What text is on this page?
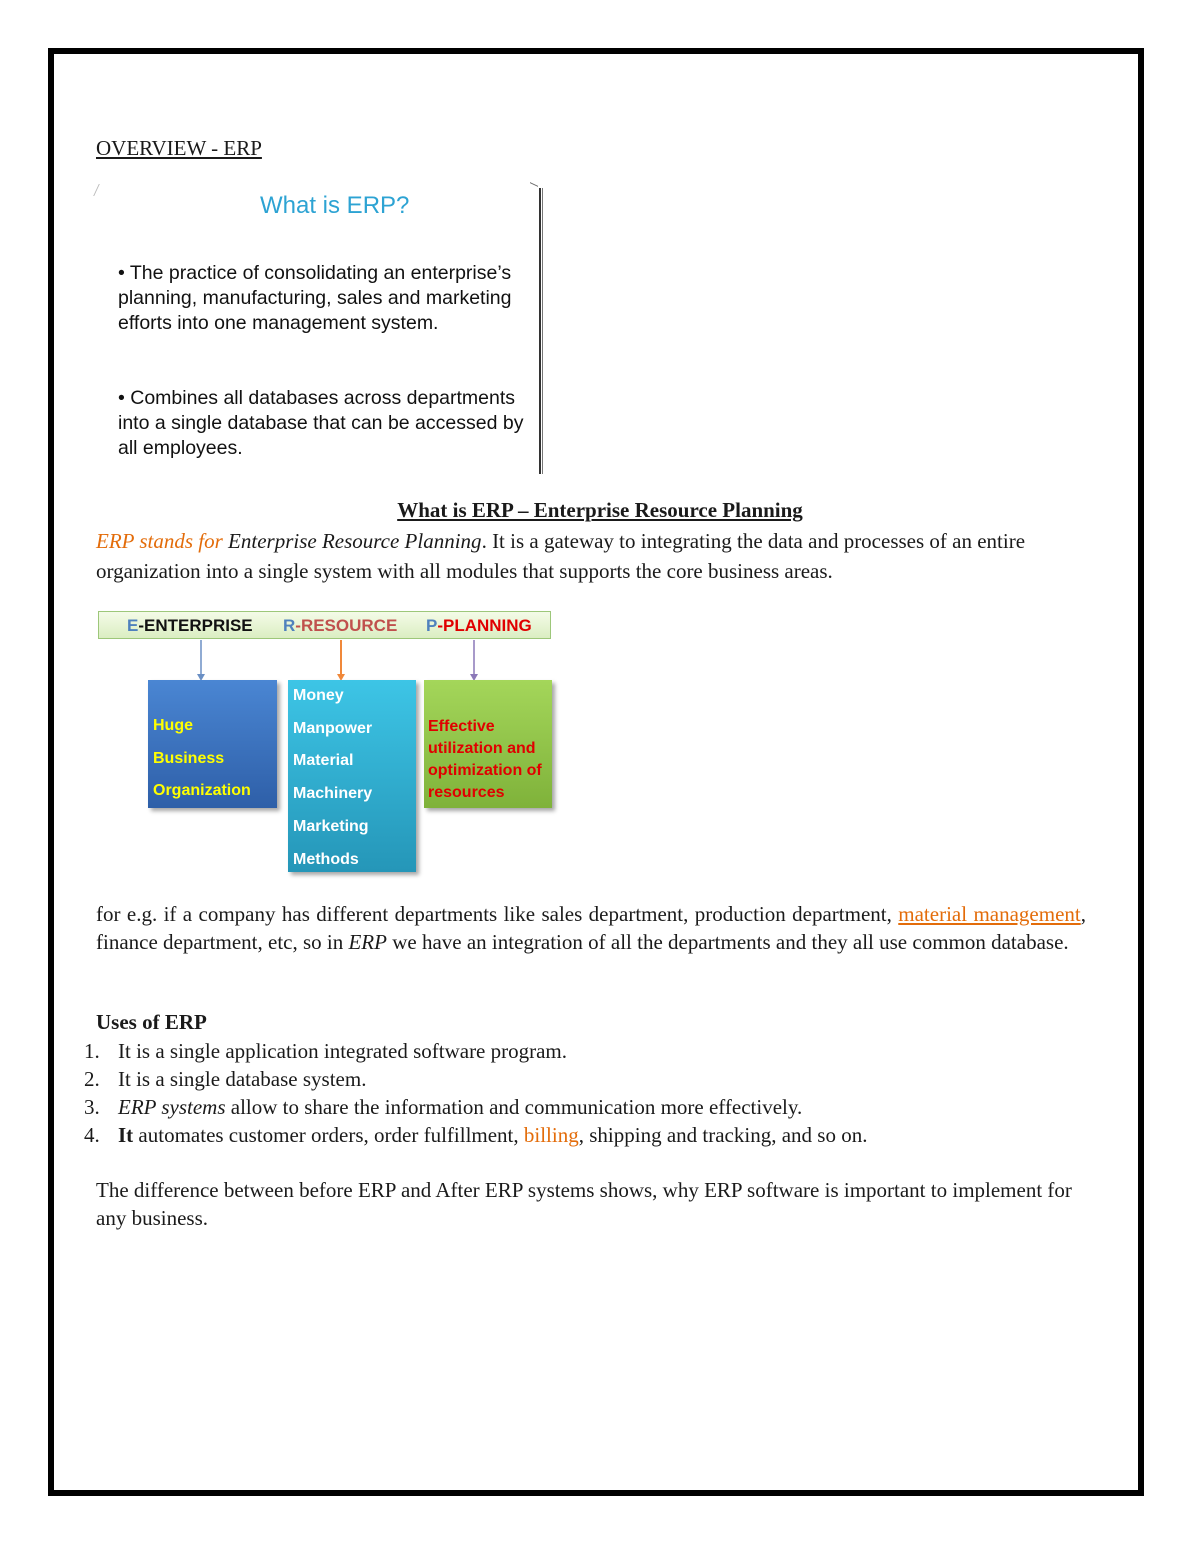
OVERVIEW - ERP
What is ERP?
• The practice of consolidating an enterprise’s planning, manufacturing, sales and marketing efforts into one management system.
• Combines all databases across departments into a single database that can be accessed by all employees.
What is ERP – Enterprise Resource Planning
ERP stands for Enterprise Resource Planning. It is a gateway to integrating the data and processes of an entire organization into a single system with all modules that supports the core business areas.
E-ENTERPRISE R-RESOURCE P-PLANNING
Huge
Business
Organization
Money
Manpower
Material
Machinery
Marketing
Methods
Effective
utilization and
optimization of
resources
for e.g. if a company has different departments like sales department, production department, material management, finance department, etc, so in ERP we have an integration of all the departments and they all use common database.
Uses of ERP
1. It is a single application integrated software program.
2. It is a single database system.
3. ERP systems allow to share the information and communication more effectively.
4. It automates customer orders, order fulfillment, billing, shipping and tracking, and so on.
The difference between before ERP and After ERP systems shows, why ERP software is important to implement for any business.
